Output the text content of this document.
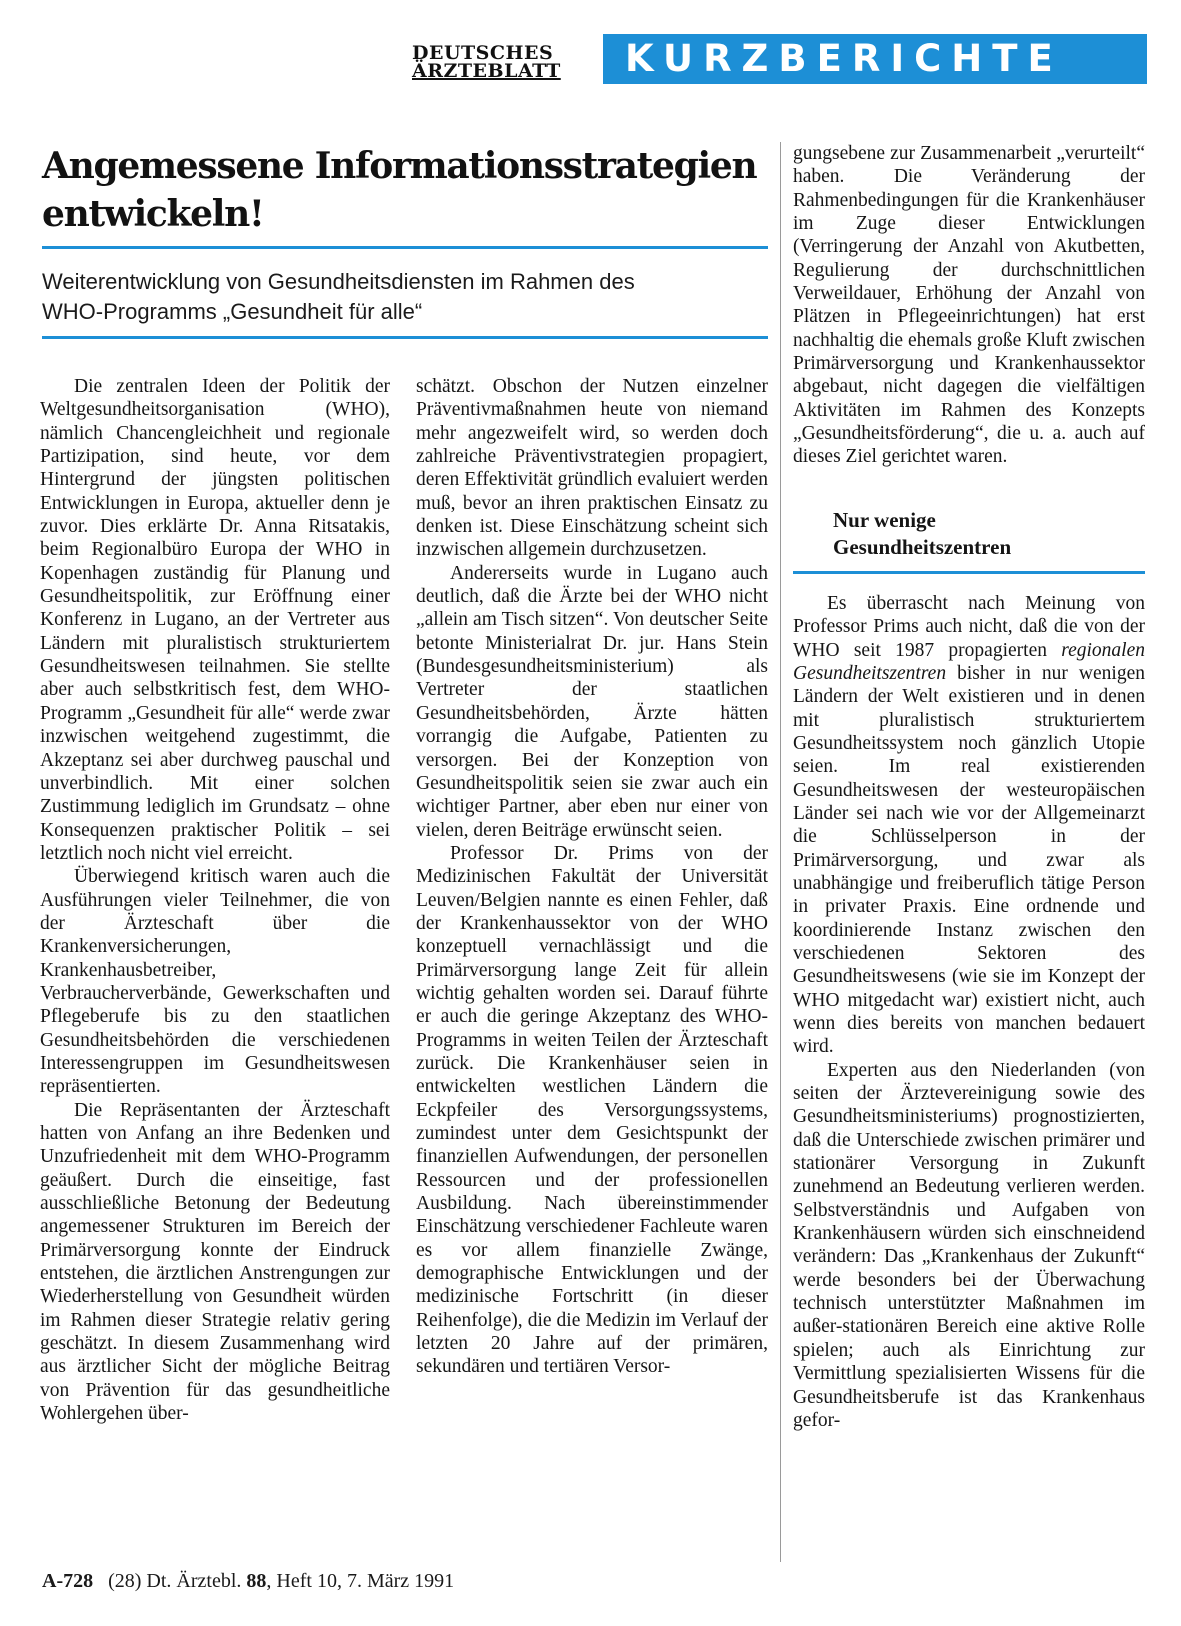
DEUTSCHES
ÄRZTEBLATT	KURZBERICHTE
Angemessene Informationsstrategien
entwickeln!
Weiterentwicklung von Gesundheitsdiensten im Rahmen des
WHO-Programms „Gesundheit für alle“

Die zentralen Ideen der Politik der Weltgesundheitsorganisation (WHO), nämlich Chancengleichheit und regionale Partizipation, sind heute, vor dem Hintergrund der jüngsten politischen Entwicklungen in Europa, aktueller denn je zuvor. Dies erklärte Dr. Anna Ritsatakis, beim Regionalbüro Europa der WHO in Kopenhagen zuständig für Planung und Gesundheitspolitik, zur Eröffnung einer Konferenz in Lugano, an der Vertreter aus Ländern mit pluralistisch strukturiertem Gesundheitswesen teilnahmen. Sie stellte aber auch selbstkritisch fest, dem WHO-Programm „Gesundheit für alle“ werde zwar inzwischen weitgehend zugestimmt, die Akzeptanz sei aber durchweg pauschal und unverbindlich. Mit einer solchen Zustimmung lediglich im Grundsatz – ohne Konsequenzen praktischer Politik – sei letztlich noch nicht viel erreicht.

Überwiegend kritisch waren auch die Ausführungen vieler Teilnehmer, die von der Ärzteschaft über die Krankenversicherungen, Krankenhausbetreiber, Verbraucherverbände, Gewerkschaften und Pflegeberufe bis zu den staatlichen Gesundheitsbehörden die verschiedenen Interessengruppen im Gesundheitswesen repräsentierten.

Die Repräsentanten der Ärzteschaft hatten von Anfang an ihre Bedenken und Unzufriedenheit mit dem WHO-Programm geäußert. Durch die einseitige, fast ausschließliche Betonung der Bedeutung angemessener Strukturen im Bereich der Primärversorgung konnte der Eindruck entstehen, die ärztlichen Anstrengungen zur Wiederherstellung von Gesundheit würden im Rahmen dieser Strategie relativ gering geschätzt. In diesem Zusammenhang wird aus ärztlicher Sicht der mögliche Beitrag von Prävention für das gesundheitliche Wohlergehen über-

schätzt. Obschon der Nutzen einzelner Präventivmaßnahmen heute von niemand mehr angezweifelt wird, so werden doch zahlreiche Präventivstrategien propagiert, deren Effektivität gründlich evaluiert werden muß, bevor an ihren praktischen Einsatz zu denken ist. Diese Einschätzung scheint sich inzwischen allgemein durchzusetzen.

Andererseits wurde in Lugano auch deutlich, daß die Ärzte bei der WHO nicht „allein am Tisch sitzen“. Von deutscher Seite betonte Ministerialrat Dr. jur. Hans Stein (Bundesgesundheitsministerium) als Vertreter der staatlichen Gesundheitsbehörden, Ärzte hätten vorrangig die Aufgabe, Patienten zu versorgen. Bei der Konzeption von Gesundheitspolitik seien sie zwar auch ein wichtiger Partner, aber eben nur einer von vielen, deren Beiträge erwünscht seien.

Professor Dr. Prims von der Medizinischen Fakultät der Universität Leuven/Belgien nannte es einen Fehler, daß der Krankenhaussektor von der WHO konzeptuell vernachlässigt und die Primärversorgung lange Zeit für allein wichtig gehalten worden sei. Darauf führte er auch die geringe Akzeptanz des WHO-Programms in weiten Teilen der Ärzteschaft zurück. Die Krankenhäuser seien in entwickelten westlichen Ländern die Eckpfeiler des Versorgungssystems, zumindest unter dem Gesichtspunkt der finanziellen Aufwendungen, der personellen Ressourcen und der professionellen Ausbildung. Nach übereinstimmender Einschätzung verschiedener Fachleute waren es vor allem finanzielle Zwänge, demographische Entwicklungen und der medizinische Fortschritt (in dieser Reihenfolge), die die Medizin im Verlauf der letzten 20 Jahre auf der primären, sekundären und tertiären Versor-

gungsebene zur Zusammenarbeit „verurteilt“ haben. Die Veränderung der Rahmenbedingungen für die Krankenhäuser im Zuge dieser Entwicklungen (Verringerung der Anzahl von Akutbetten, Regulierung der durchschnittlichen Verweildauer, Erhöhung der Anzahl von Plätzen in Pflegeeinrichtungen) hat erst nachhaltig die ehemals große Kluft zwischen Primärversorgung und Krankenhaussektor abgebaut, nicht dagegen die vielfältigen Aktivitäten im Rahmen des Konzepts „Gesundheitsförderung“, die u. a. auch auf dieses Ziel gerichtet waren.

Nur wenige
Gesundheitszentren

Es überrascht nach Meinung von Professor Prims auch nicht, daß die von der WHO seit 1987 propagierten regionalen Gesundheitszentren bisher in nur wenigen Ländern der Welt existieren und in denen mit pluralistisch strukturiertem Gesundheitssystem noch gänzlich Utopie seien. Im real existierenden Gesundheitswesen der westeuropäischen Länder sei nach wie vor der Allgemeinarzt die Schlüsselperson in der Primärversorgung, und zwar als unabhängige und freiberuflich tätige Person in privater Praxis. Eine ordnende und koordinierende Instanz zwischen den verschiedenen Sektoren des Gesundheitswesens (wie sie im Konzept der WHO mitgedacht war) existiert nicht, auch wenn dies bereits von manchen bedauert wird.

Experten aus den Niederlanden (von seiten der Ärztevereinigung sowie des Gesundheitsministeriums) prognostizierten, daß die Unterschiede zwischen primärer und stationärer Versorgung in Zukunft zunehmend an Bedeutung verlieren werden. Selbstverständnis und Aufgaben von Krankenhäusern würden sich einschneidend verändern: Das „Krankenhaus der Zukunft“ werde besonders bei der Überwachung technisch unterstützter Maßnahmen im außer-stationären Bereich eine aktive Rolle spielen; auch als Einrichtung zur Vermittlung spezialisierten Wissens für die Gesundheitsberufe ist das Krankenhaus gefor-

A-728 (28) Dt. Ärztebl. 88, Heft 10, 7. März 1991
